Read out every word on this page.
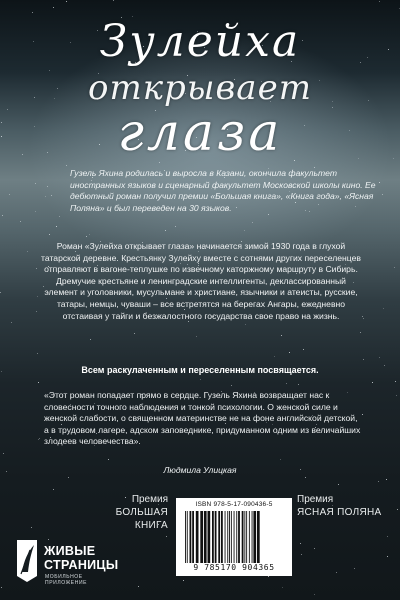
Зулейха
открывает
глаза
Гузель Яхина родилась и выросла в Казани, окончила факультет иностранных языков и сценарный факультет Московской школы кино. Ее дебютный роман получил премии «Большая книга», «Книга года», «Ясная Поляна» и был переведен на 30 языков.
Роман «Зулейха открывает глаза» начинается зимой 1930 года в глухой татарской деревне. Крестьянку Зулейху вместе с сотнями других переселенцев отправляют в вагоне-теплушке по извечному каторжному маршруту в Сибирь. Дремучие крестьяне и ленинградские интеллигенты, деклассированный элемент и уголовники, мусульмане и христиане, язычники и атеисты, русские, татары, немцы, чуваши – все встретятся на берегах Ангары, ежедневно отстаивая у тайги и безжалостного государства свое право на жизнь.
Всем раскулаченным и переселенным посвящается.
«Этот роман попадает прямо в сердце. Гузель Яхина возвращает нас к словесности точного наблюдения и тонкой психологии. О женской силе и женской слабости, о священном материнстве не на фоне английской детской, а в трудовом лагере, адском заповеднике, придуманном одним из величайших злодеев человечества».
Людмила Улицкая
Премия
БОЛЬШАЯ КНИГА
Премия
ЯСНАЯ ПОЛЯНА
ЖИВЫЕ
СТРАНИЦЫ
МОБИЛЬНОЕ ПРИЛОЖЕНИЕ
ISBN 978-5-17-090436-5
9 785170 904365
